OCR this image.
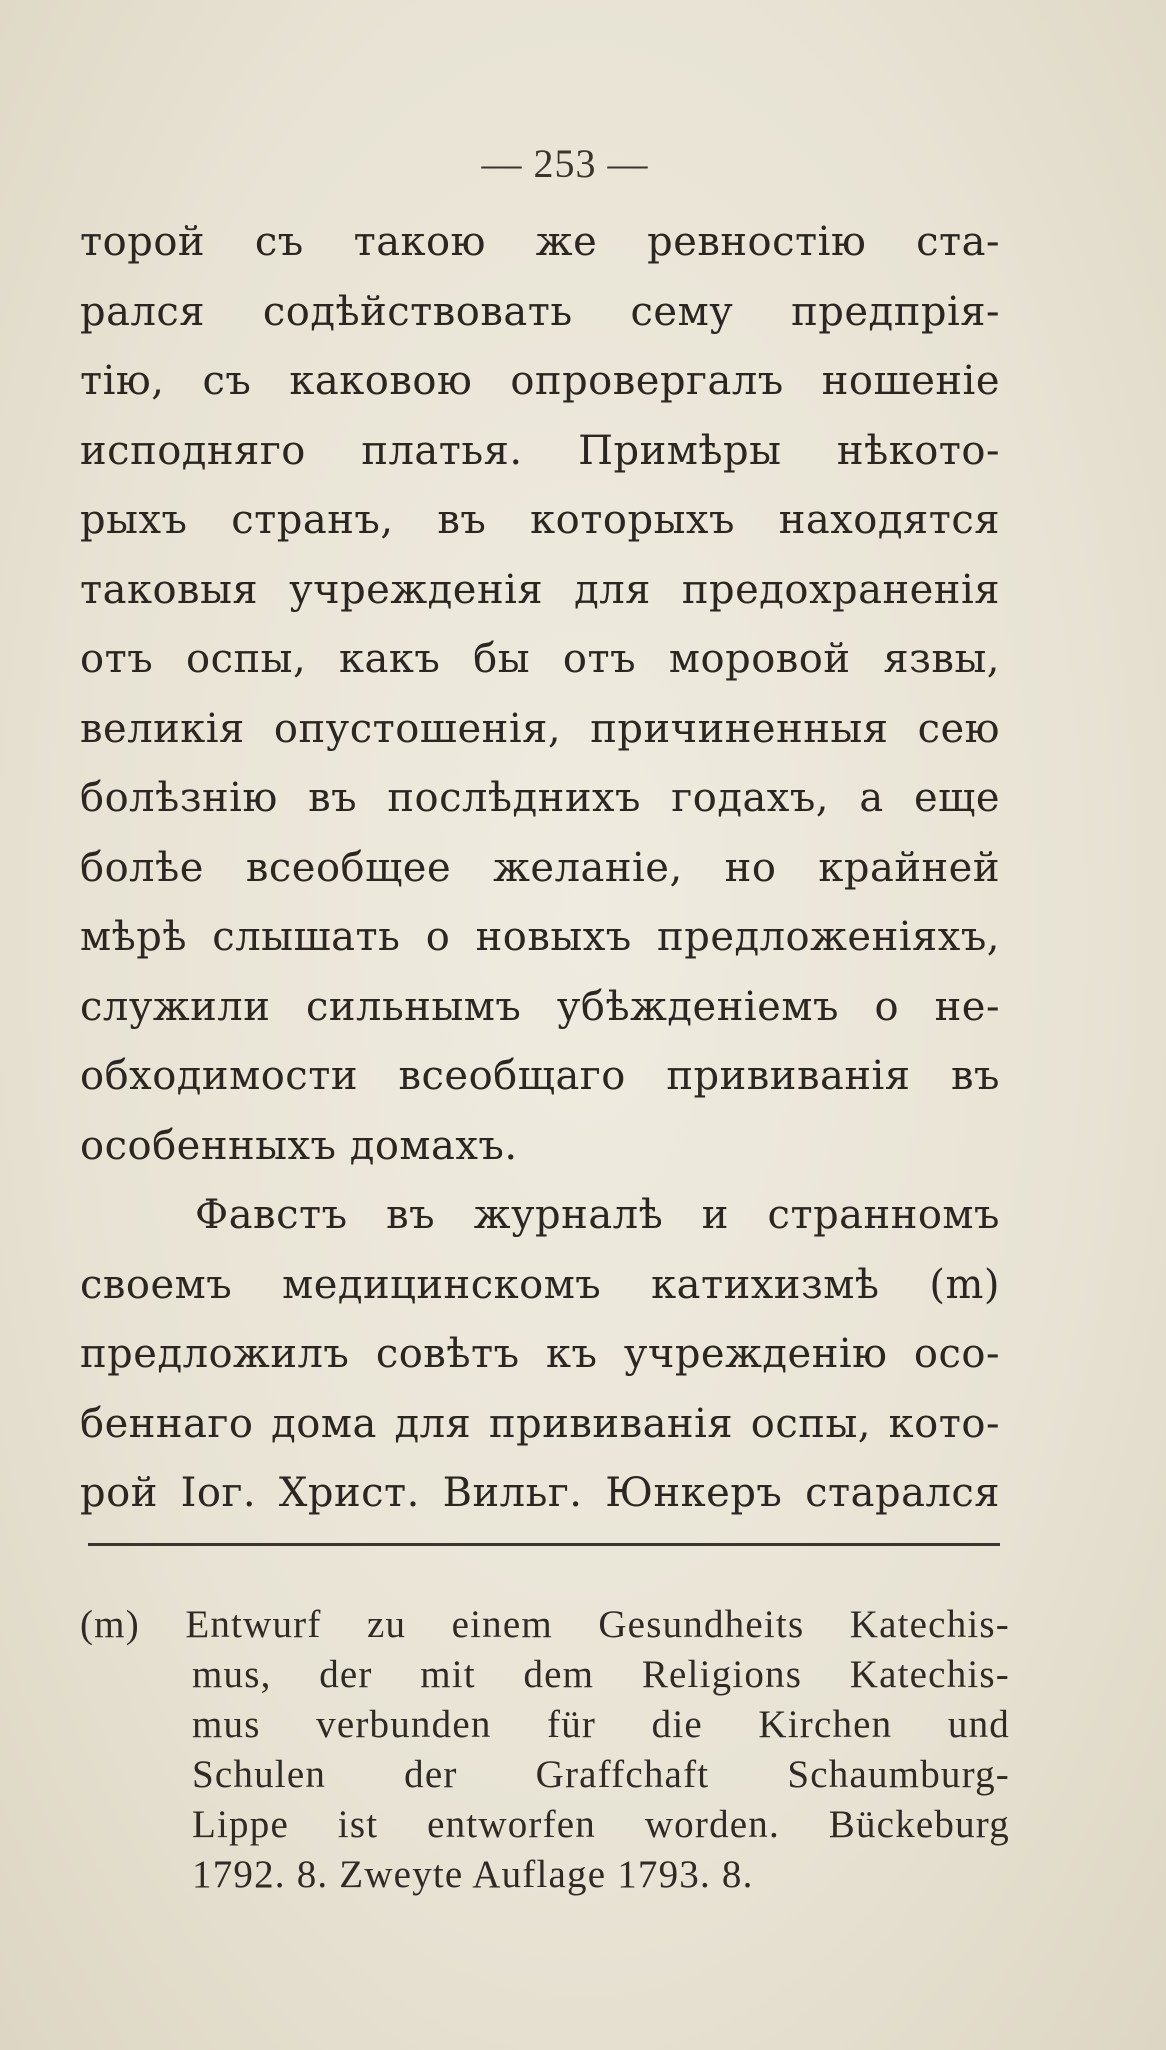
— 253 —
торой съ такою же ревностію ста-
рался содѣйствовать сему предпрія-
тію, съ каковою опровергалъ ношеніе
исподняго платья. Примѣры нѣкото-
рыхъ странъ, въ которыхъ находятся
таковыя учрежденія для предохраненія
отъ оспы, какъ бы отъ моровой язвы,
великія опустошенія, причиненныя сею
болѣзнію въ послѣднихъ годахъ, а еще
болѣе всеобщее желаніе, но крайней
мѣрѣ слышать о новыхъ предложеніяхъ,
служили сильнымъ убѣжденіемъ о не-
обходимости всеобщаго прививанія въ
особенныхъ домахъ.
Фавстъ въ журналѣ и странномъ
своемъ медицинскомъ катихизмѣ (m)
предложилъ совѣтъ къ учрежденію осо-
беннаго дома для прививанія оспы, кото-
рой Іог. Христ. Вильг. Юнкеръ старался
(m) Entwurf zu einem Gesundheits Katechis-
mus, der mit dem Religions Katechis-
mus verbunden für die Kirchen und
Schulen der Graffchaft Schaumburg-
Lippe ist entworfen worden. Bückeburg
1792. 8. Zweyte Auflage 1793. 8.
